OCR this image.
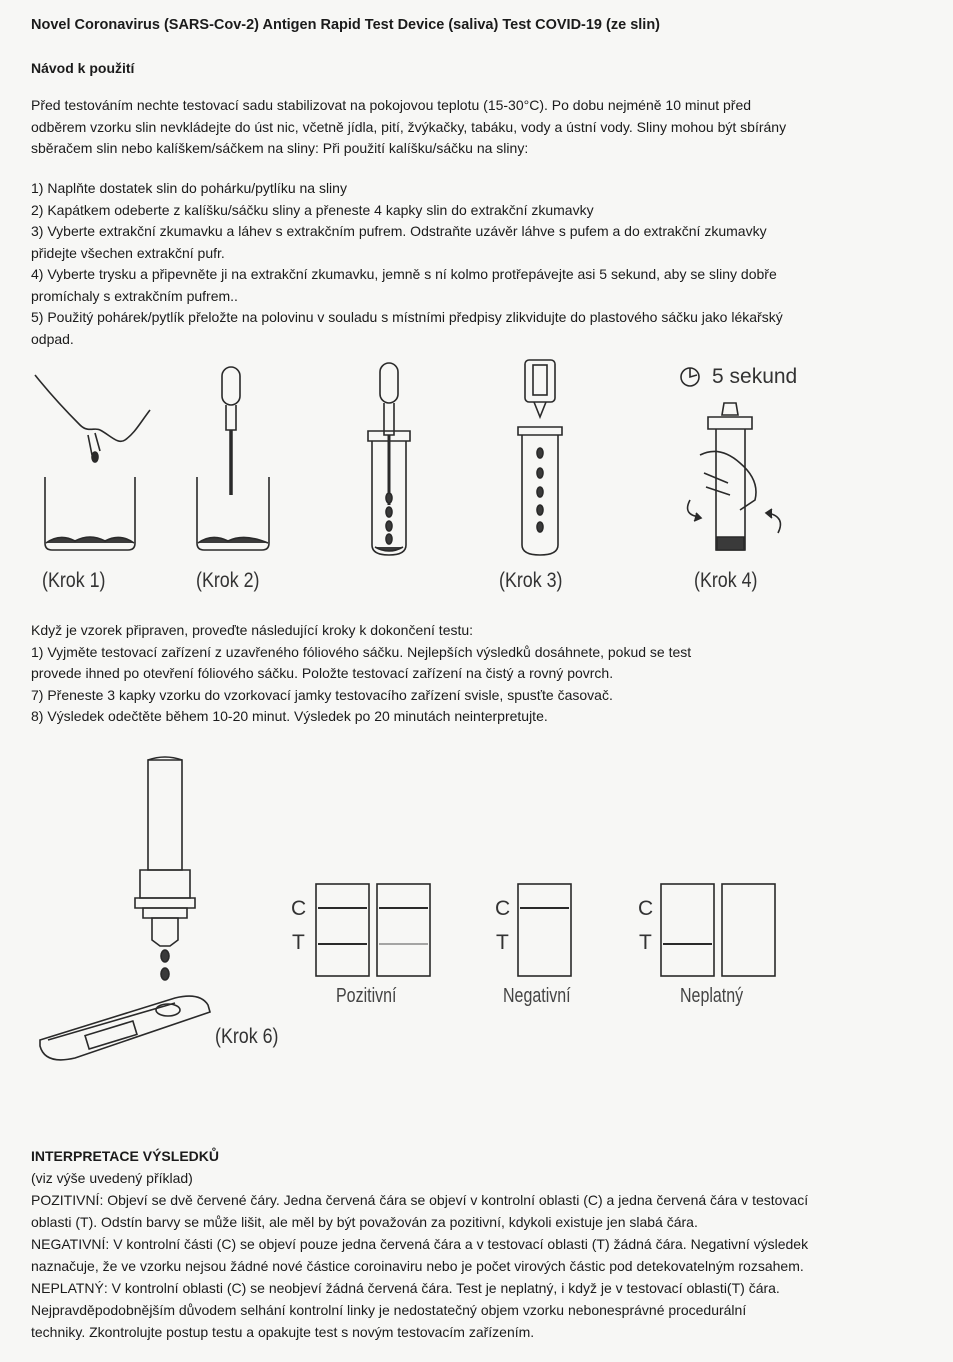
Novel Coronavirus (SARS-Cov-2) Antigen Rapid Test Device (saliva) Test COVID-19 (ze slin)
Návod k použití

Před testováním nechte testovací sadu stabilizovat na pokojovou teplotu (15-30°C). Po dobu nejméně 10 minut před

odběrem vzorku slin nevkládejte do úst nic, včetně jídla, pití, žvýkačky, tabáku, vody a ústní vody. Sliny mohou být sbírány

sběračem slin nebo kalíškem/sáčkem na sliny: Při použití kalíšku/sáčku na sliny:

1) Naplňte dostatek slin do pohárku/pytlíku na sliny

2) Kapátkem odeberte z kalíšku/sáčku sliny a přeneste 4 kapky slin do extrakční zkumavky

3) Vyberte extrakční zkumavku a láhev s extrakčním pufrem. Odstraňte uzávěr láhve s pufem a do extrakční zkumavky

přidejte všechen extrakční pufr.

4) Vyberte trysku a připevněte ji na extrakční zkumavku, jemně s ní kolmo protřepávejte asi 5 sekund, aby se sliny dobře

promíchaly s extrakčním pufrem..

5) Použitý pohárek/pytlík přeložte na polovinu v souladu s místními předpisy zlikvidujte do plastového sáčku jako lékařský

odpad.

5 sekund
(Krok 1)	(Krok 2)	(Krok 3)	(Krok 4)

Když je vzorek připraven, proveďte následující kroky k dokončení testu:

1) Vyjměte testovací zařízení z uzavřeného fóliového sáčku. Nejlepších výsledků dosáhnete, pokud se test

provede ihned po otevření fóliového sáčku. Položte testovací zařízení na čistý a rovný povrch.

7) Přeneste 3 kapky vzorku do vzorkovací jamky testovacího zařízení svisle, spusťte časovač.

8) Výsledek odečtěte během 10-20 minut. Výsledek po 20 minutách neinterpretujte.

(Krok 6)
C
T
C
T
C
T
Pozitivní	Negativní	Neplatný

INTERPRETACE VÝSLEDKŮ

(viz výše uvedený příklad)

POZITIVNÍ: Objeví se dvě červené čáry. Jedna červená čára se objeví v kontrolní oblasti (C) a jedna červená čára v testovací

oblasti (T). Odstín barvy se může lišit, ale měl by být považován za pozitivní, kdykoli existuje jen slabá čára.

NEGATIVNÍ: V kontrolní části (C) se objeví pouze jedna červená čára a v testovací oblasti (T) žádná čára. Negativní výsledek

naznačuje, že ve vzorku nejsou žádné nové částice coroinaviru nebo je počet virových částic pod detekovatelným rozsahem.

NEPLATNÝ: V kontrolní oblasti (C) se neobjeví žádná červená čára. Test je neplatný, i když je v testovací oblasti(T) čára.

Nejpravděpodobnějším důvodem selhání kontrolní linky je nedostatečný objem vzorku nebonesprávné procedurální

techniky. Zkontrolujte postup testu a opakujte test s novým testovacím zařízením.
